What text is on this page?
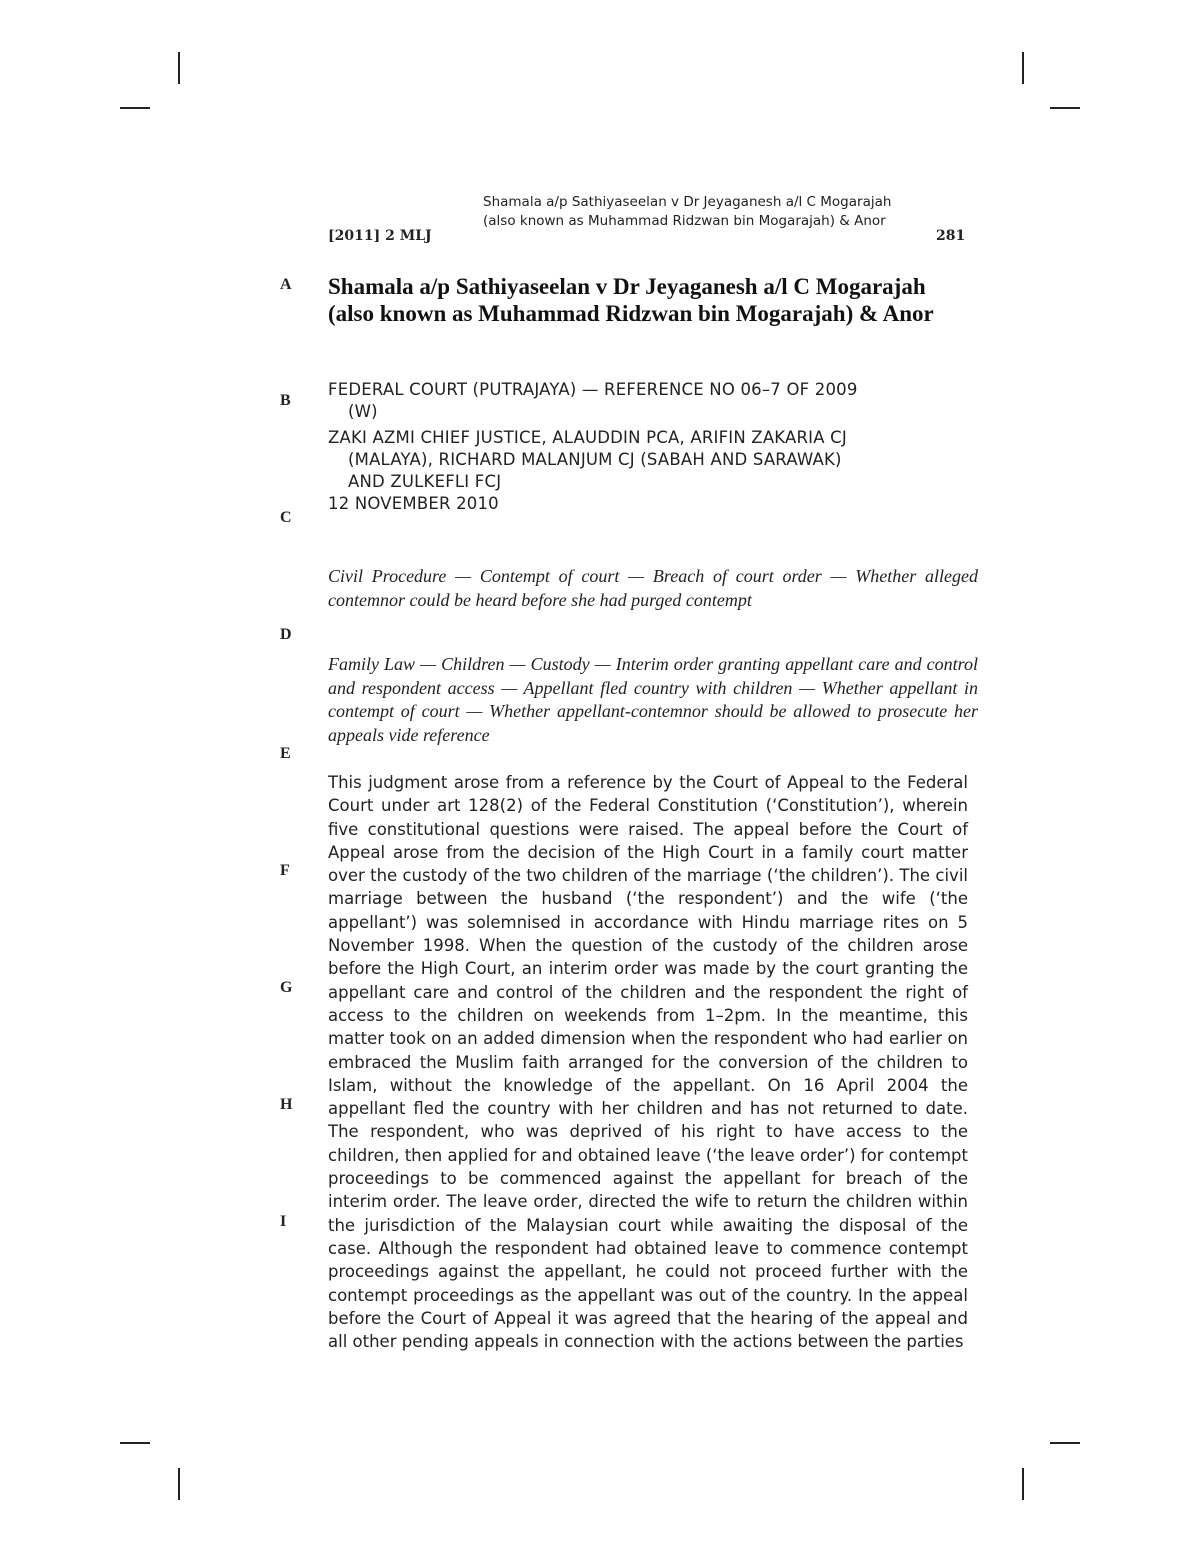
Shamala a/p Sathiyaseelan v Dr Jeyaganesh a/l C Mogarajah
(also known as Muhammad Ridzwan bin Mogarajah) & Anor
[2011] 2 MLJ	281
A
B
C
D
E
F
G
H
I
Shamala a/p Sathiyaseelan v Dr Jeyaganesh a/l C Mogarajah
(also known as Muhammad Ridzwan bin Mogarajah) & Anor
FEDERAL COURT (PUTRAJAYA) — REFERENCE NO 06–7 OF 2009
(W)
ZAKI AZMI CHIEF JUSTICE, ALAUDDIN PCA, ARIFIN ZAKARIA CJ
(MALAYA), RICHARD MALANJUM CJ (SABAH AND SARAWAK)
AND ZULKEFLI FCJ
12 NOVEMBER 2010
Civil Procedure — Contempt of court — Breach of court order — Whether alleged contemnor could be heard before she had purged contempt
Family Law — Children — Custody — Interim order granting appellant care and control and respondent access — Appellant fled country with children — Whether appellant in contempt of court — Whether appellant-contemnor should be allowed to prosecute her appeals vide reference
This judgment arose from a reference by the Court of Appeal to the Federal Court under art 128(2) of the Federal Constitution (‘Constitution’), wherein five constitutional questions were raised. The appeal before the Court of Appeal arose from the decision of the High Court in a family court matter over the custody of the two children of the marriage (‘the children’). The civil marriage between the husband (‘the respondent’) and the wife (‘the appellant’) was solemnised in accordance with Hindu marriage rites on 5 November 1998. When the question of the custody of the children arose before the High Court, an interim order was made by the court granting the appellant care and control of the children and the respondent the right of access to the children on weekends from 1–2pm. In the meantime, this matter took on an added dimension when the respondent who had earlier on embraced the Muslim faith arranged for the conversion of the children to Islam, without the knowledge of the appellant. On 16 April 2004 the appellant fled the country with her children and has not returned to date. The respondent, who was deprived of his right to have access to the children, then applied for and obtained leave (‘the leave order’) for contempt proceedings to be commenced against the appellant for breach of the interim order. The leave order, directed the wife to return the children within the jurisdiction of the Malaysian court while awaiting the disposal of the case. Although the respondent had obtained leave to commence contempt proceedings against the appellant, he could not proceed further with the contempt proceedings as the appellant was out of the country. In the appeal before the Court of Appeal it was agreed that the hearing of the appeal and all other pending appeals in connection with the actions between the parties
